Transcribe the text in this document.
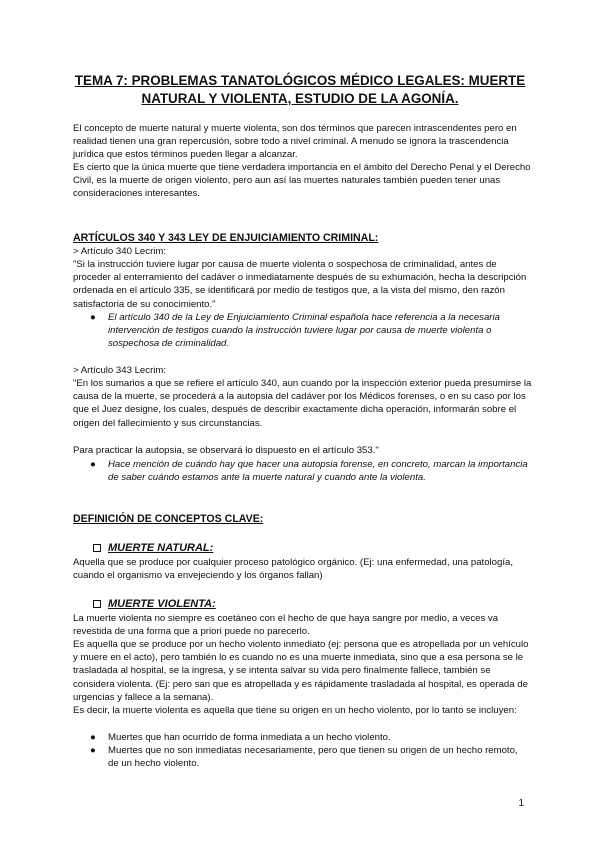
TEMA 7: PROBLEMAS TANATOLÓGICOS MÉDICO LEGALES: MUERTE NATURAL Y VIOLENTA, ESTUDIO DE LA AGONÍA.

El concepto de muerte natural y muerte violenta, son dos términos que parecen intrascendentes pero en realidad tienen una gran repercusión, sobre todo a nivel criminal. A menudo se ignora la trascendencia jurídica que estos términos pueden llegar a alcanzar.

Es cierto que la única muerte que tiene verdadera importancia en el ámbito del Derecho Penal y el Derecho Civil, es la muerte de origen violento, pero aun así las muertes naturales también pueden tener unas consideraciones interesantes.

ARTÍCULOS 340 Y 343 LEY DE ENJUICIAMIENTO CRIMINAL:

> Artículo 340 Lecrim:

"Si la instrucción tuviere lugar por causa de muerte violenta o sospechosa de criminalidad, antes de proceder al enterramiento del cadáver o inmediatamente después de su exhumación, hecha la descripción ordenada en el artículo 335, se identificará por medio de testigos que, a la vista del mismo, den razón satisfactoria de su conocimiento."

●	El artículo 340 de la Ley de Enjuiciamiento Criminal española hace referencia a la necesaria intervención de testigos cuando la instrucción tuviere lugar por causa de muerte violenta o sospechosa de criminalidad.

> Artículo 343 Lecrim:

"En los sumarios a que se refiere el artículo 340, aun cuando por la inspección exterior pueda presumirse la causa de la muerte, se procederá a la autopsia del cadáver por los Médicos forenses, o en su caso por los que el Juez designe, los cuales, después de describir exactamente dicha operación, informarán sobre el origen del fallecimiento y sus circunstancias.

Para practicar la autopsia, se observará lo dispuesto en el artículo 353."

●	Hace mención de cuándo hay que hacer una autopsia forense, en concreto, marcan la importancia de saber cuándo estamos ante la muerte natural y cuando ante la violenta.
DEFINICIÓN DE CONCEPTOS CLAVE:
MUERTE NATURAL:

Aquella que se produce por cualquier proceso patológico orgánico. (Ej: una enfermedad, una patología, cuando el organismo va envejeciendo y los órganos fallan)

MUERTE VIOLENTA:

La muerte violenta no siempre es coetáneo con el hecho de que haya sangre por medio, a veces va revestida de una forma que a priori puede no parecerlo.

Es aquella que se produce por un hecho violento inmediato (ej: persona que es atropellada por un vehículo y muere en el acto), pero también lo es cuando no es una muerte inmediata, sino que a esa persona se le trasladada al hospital, se la ingresa, y se intenta salvar su vida pero finalmente fallece, también se considera violenta. (Ej: pero san que es atropellada y es rápidamente trasladada al hospital, es operada de urgencias y fallece a la semana).

Es decir, la muerte violenta es aquella que tiene su origen en un hecho violento, por lo tanto se incluyen:

●	Muertes que han ocurrido de forma inmediata a un hecho violento.
●	Muertes que no son inmediatas necesariamente, pero que tienen su origen de un hecho remoto, de un hecho violento.
1
